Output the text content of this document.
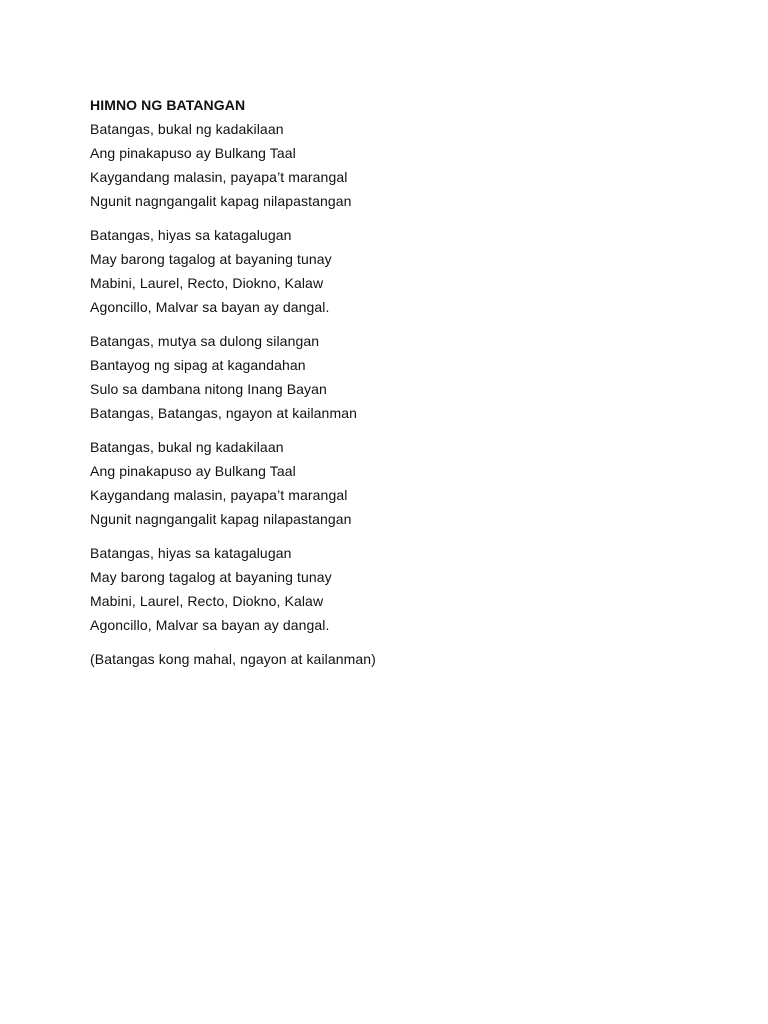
HIMNO NG BATANGAN
Batangas, bukal ng kadakilaan
Ang pinakapuso ay Bulkang Taal
Kaygandang malasin, payapa’t marangal
Ngunit nagngangalit kapag nilapastangan
Batangas, hiyas sa katagalugan
May barong tagalog at bayaning tunay
Mabini, Laurel, Recto, Diokno, Kalaw
Agoncillo, Malvar sa bayan ay dangal.
Batangas, mutya sa dulong silangan
Bantayog ng sipag at kagandahan
Sulo sa dambana nitong Inang Bayan
Batangas, Batangas, ngayon at kailanman
Batangas, bukal ng kadakilaan
Ang pinakapuso ay Bulkang Taal
Kaygandang malasin, payapa’t marangal
Ngunit nagngangalit kapag nilapastangan
Batangas, hiyas sa katagalugan
May barong tagalog at bayaning tunay
Mabini, Laurel, Recto, Diokno, Kalaw
Agoncillo, Malvar sa bayan ay dangal.
(Batangas kong mahal, ngayon at kailanman)
